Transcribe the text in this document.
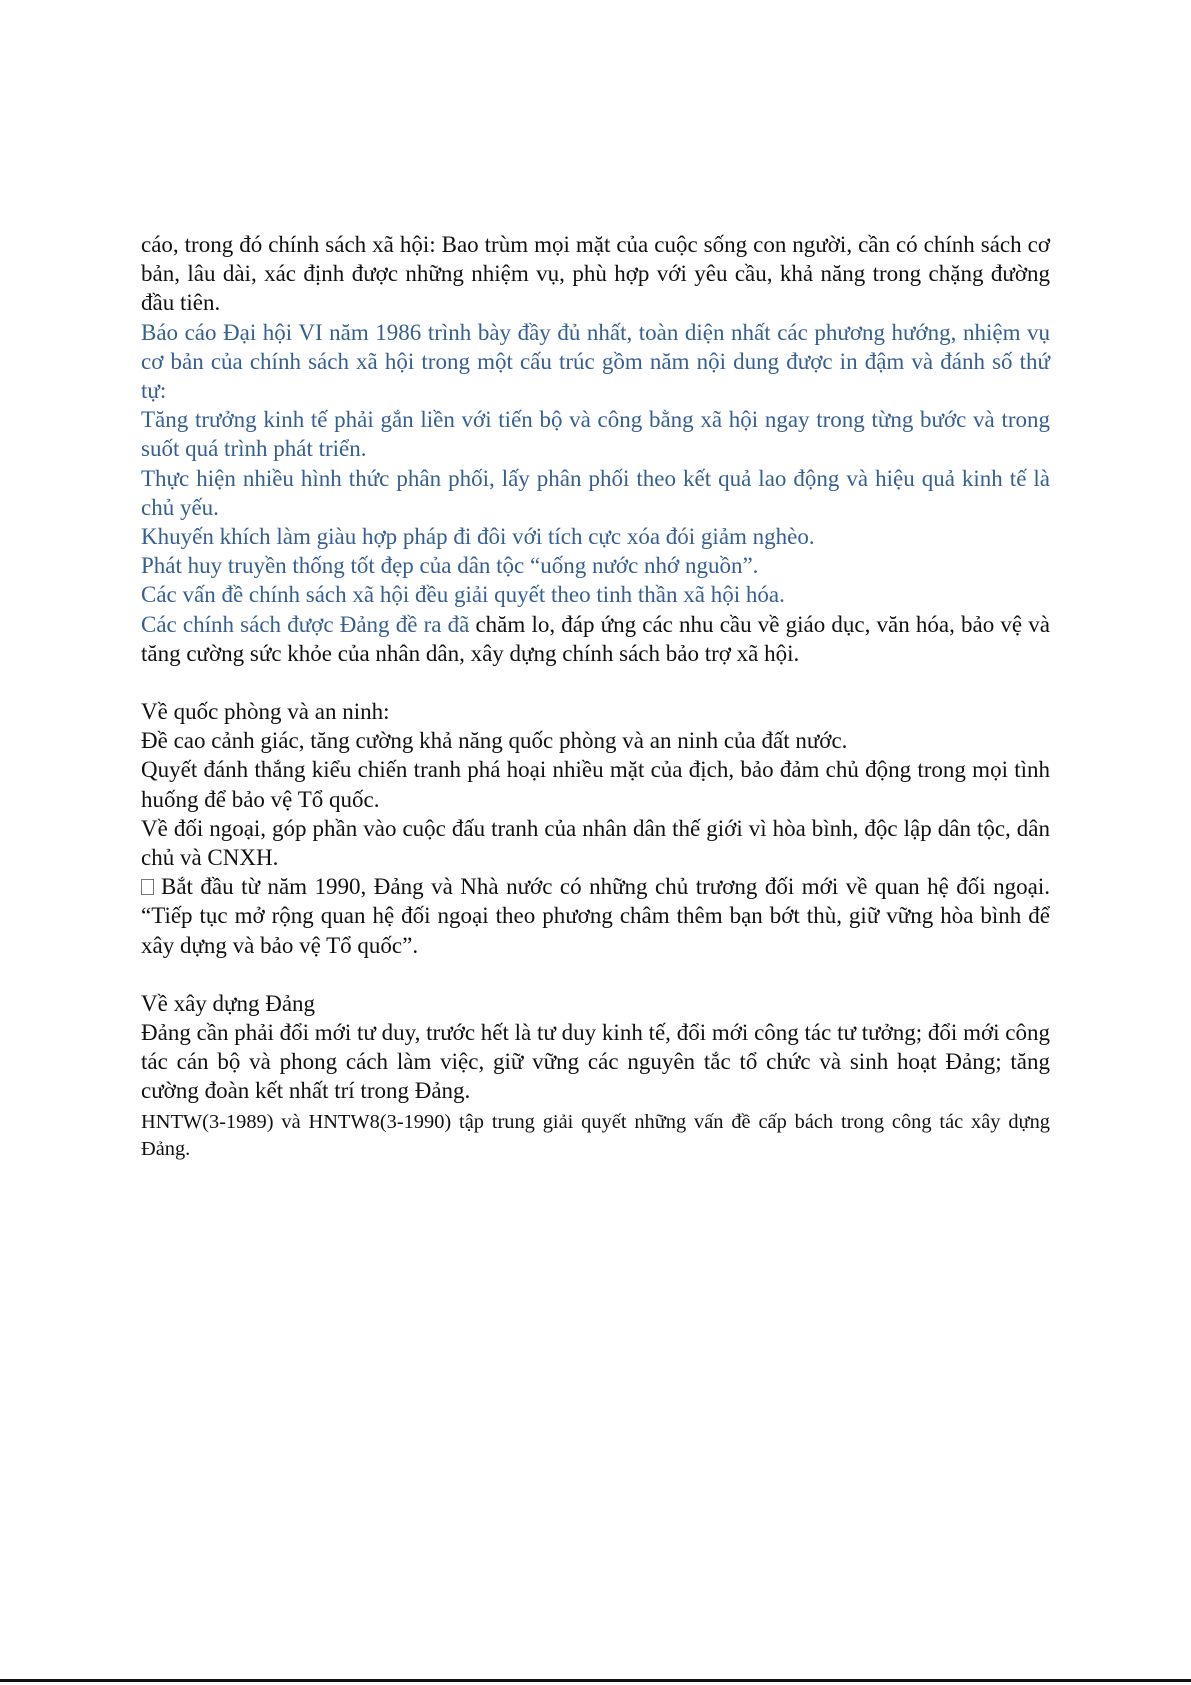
cáo, trong đó chính sách xã hội: Bao trùm mọi mặt của cuộc sống con người, cần có chính sách cơ bản, lâu dài, xác định được những nhiệm vụ, phù hợp với yêu cầu, khả năng trong chặng đường đầu tiên.

Báo cáo Đại hội VI năm 1986 trình bày đầy đủ nhất, toàn diện nhất các phương hướng, nhiệm vụ cơ bản của chính sách xã hội trong một cấu trúc gồm năm nội dung được in đậm và đánh số thứ tự:

Tăng trưởng kinh tế phải gắn liền với tiến bộ và công bằng xã hội ngay trong từng bước và trong suốt quá trình phát triển.

Thực hiện nhiều hình thức phân phối, lấy phân phối theo kết quả lao động và hiệu quả kinh tế là chủ yếu.

Khuyến khích làm giàu hợp pháp đi đôi với tích cực xóa đói giảm nghèo.

Phát huy truyền thống tốt đẹp của dân tộc “uống nước nhớ nguồn”.

Các vấn đề chính sách xã hội đều giải quyết theo tinh thần xã hội hóa.

Các chính sách được Đảng đề ra đã chăm lo, đáp ứng các nhu cầu về giáo dục, văn hóa, bảo vệ và tăng cường sức khỏe của nhân dân, xây dựng chính sách bảo trợ xã hội.

Về quốc phòng và an ninh:

Đề cao cảnh giác, tăng cường khả năng quốc phòng và an ninh của đất nước.

Quyết đánh thắng kiểu chiến tranh phá hoại nhiều mặt của địch, bảo đảm chủ động trong mọi tình huống để bảo vệ Tổ quốc.

Về đối ngoại, góp phần vào cuộc đấu tranh của nhân dân thế giới vì hòa bình, độc lập dân tộc, dân chủ và CNXH.

Bắt đầu từ năm 1990, Đảng và Nhà nước có những chủ trương đối mới về quan hệ đối ngoại. “Tiếp tục mở rộng quan hệ đối ngoại theo phương châm thêm bạn bớt thù, giữ vững hòa bình để xây dựng và bảo vệ Tổ quốc”.

Về xây dựng Đảng

Đảng cần phải đổi mới tư duy, trước hết là tư duy kinh tế, đổi mới công tác tư tưởng; đổi mới công tác cán bộ và phong cách làm việc, giữ vững các nguyên tắc tổ chức và sinh hoạt Đảng; tăng cường đoàn kết nhất trí trong Đảng.

HNTW(3-1989) và HNTW8(3-1990) tập trung giải quyết những vấn đề cấp bách trong công tác xây dựng Đảng.
